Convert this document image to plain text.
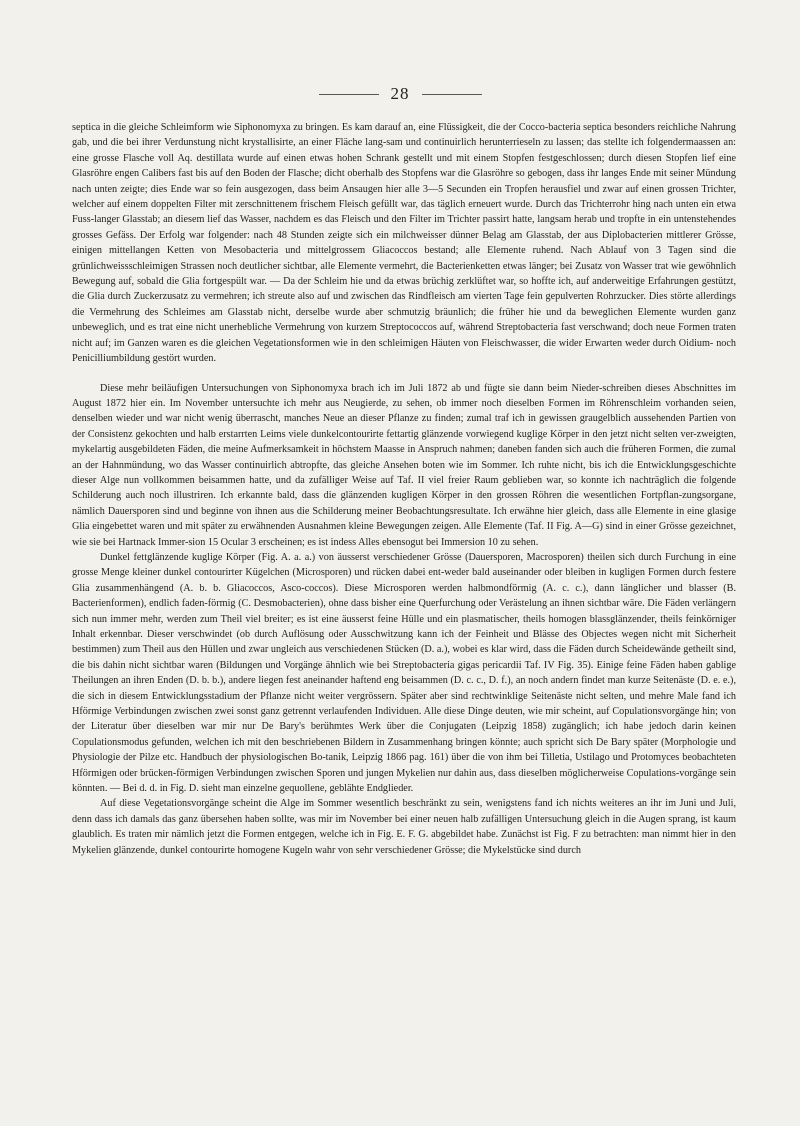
28

septica in die gleiche Schleimform wie Siphonomyxa zu bringen. Es kam darauf an, eine Flüssigkeit, die der Cocco-bacteria septica besonders reichliche Nahrung gab, und die bei ihrer Verdunstung nicht krystallisirte, an einer Fläche lang-sam und continuirlich herunterrieseln zu lassen; das stellte ich folgendermaassen an: eine grosse Flasche voll Aq. destillata wurde auf einen etwas hohen Schrank gestellt und mit einem Stopfen festgeschlossen; durch diesen Stopfen lief eine Glasröhre engen Calibers fast bis auf den Boden der Flasche; dicht oberhalb des Stopfens war die Glasröhre so gebogen, dass ihr langes Ende mit seiner Mündung nach unten zeigte; dies Ende war so fein ausgezogen, dass beim Ansaugen hier alle 3—5 Secunden ein Tropfen herausfiel und zwar auf einen grossen Trichter, welcher auf einem doppelten Filter mit zerschnittenem frischem Fleisch gefüllt war, das täglich erneuert wurde. Durch das Trichterrohr hing nach unten ein etwa Fuss-langer Glasstab; an diesem lief das Wasser, nachdem es das Fleisch und den Filter im Trichter passirt hatte, langsam herab und tropfte in ein untenstehendes grosses Gefäss. Der Erfolg war folgender: nach 48 Stunden zeigte sich ein milchweisser dünner Belag am Glasstab, der aus Diplobacterien mittlerer Grösse, einigen mittellangen Ketten von Mesobacteria und mittelgrossem Gliacoccos bestand; alle Elemente ruhend. Nach Ablauf von 3 Tagen sind die grünlichweissschleimigen Strassen noch deutlicher sichtbar, alle Elemente vermehrt, die Bacterienketten etwas länger; bei Zusatz von Wasser trat wie gewöhnlich Bewegung auf, sobald die Glia fortgespült war. — Da der Schleim hie und da etwas brüchig zerklüftet war, so hoffte ich, auf anderweitige Erfahrungen gestützt, die Glia durch Zuckerzusatz zu vermehren; ich streute also auf und zwischen das Rindfleisch am vierten Tage fein gepulverten Rohrzucker. Dies störte allerdings die Vermehrung des Schleimes am Glasstab nicht, derselbe wurde aber schmutzig bräunlich; die früher hie und da beweglichen Elemente wurden ganz unbeweglich, und es trat eine nicht unerhebliche Vermehrung von kurzem Streptococcos auf, während Streptobacteria fast verschwand; doch neue Formen traten nicht auf; im Ganzen waren es die gleichen Vegetationsformen wie in den schleimigen Häuten von Fleischwasser, die wider Erwarten weder durch Oidium- noch Penicilliumbildung gestört wurden.

Diese mehr beiläufigen Untersuchungen von Siphonomyxa brach ich im Juli 1872 ab und fügte sie dann beim Nieder-schreiben dieses Abschnittes im August 1872 hier ein. Im November untersuchte ich mehr aus Neugierde, zu sehen, ob immer noch dieselben Formen im Röhrenschleim vorhanden seien, denselben wieder und war nicht wenig überrascht, manches Neue an dieser Pflanze zu finden; zumal traf ich in gewissen graugelblich aussehenden Partien von der Consistenz gekochten und halb erstarrten Leims viele dunkelcontourirte fettartig glänzende vorwiegend kuglige Körper in den jetzt nicht selten ver-zweigten, mykelartig ausgebildeten Fäden, die meine Aufmerksamkeit in höchstem Maasse in Anspruch nahmen; daneben fanden sich auch die früheren Formen, die zumal an der Hahnmündung, wo das Wasser continuirlich abtropfte, das gleiche Ansehen boten wie im Sommer. Ich ruhte nicht, bis ich die Entwicklungsgeschichte dieser Alge nun vollkommen beisammen hatte, und da zufälliger Weise auf Taf. II viel freier Raum geblieben war, so konnte ich nachträglich die folgende Schilderung auch noch illustriren. Ich erkannte bald, dass die glänzenden kugligen Körper in den grossen Röhren die wesentlichen Fortpflan-zungsorgane, nämlich Dauersporen sind und beginne von ihnen aus die Schilderung meiner Beobachtungsresultate. Ich erwähne hier gleich, dass alle Elemente in eine glasige Glia eingebettet waren und mit später zu erwähnenden Ausnahmen kleine Bewegungen zeigen. Alle Elemente (Taf. II Fig. A—G) sind in einer Grösse gezeichnet, wie sie bei Hartnack Immer-sion 15 Ocular 3 erscheinen; es ist indess Alles ebensogut bei Immersion 10 zu sehen.

Dunkel fettglänzende kuglige Körper (Fig. A. a. a.) von äusserst verschiedener Grösse (Dauersporen, Macrosporen) theilen sich durch Furchung in eine grosse Menge kleiner dunkel contourirter Kügelchen (Microsporen) und rücken dabei ent-weder bald auseinander oder bleiben in kugligen Formen durch festere Glia zusammenhängend (A. b. b. Gliacoccos, Asco-coccos). Diese Microsporen werden halbmondförmig (A. c. c.), dann länglicher und blasser (B. Bacterienformen), endlich faden-förmig (C. Desmobacterien), ohne dass bisher eine Querfurchung oder Verästelung an ihnen sichtbar wäre. Die Fäden verlängern sich nun immer mehr, werden zum Theil viel breiter; es ist eine äusserst feine Hülle und ein plasmatischer, theils homogen blassglänzender, theils feinkörniger Inhalt erkennbar. Dieser verschwindet (ob durch Auflösung oder Ausschwitzung kann ich der Feinheit und Blässe des Objectes wegen nicht mit Sicherheit bestimmen) zum Theil aus den Hüllen und zwar ungleich aus verschiedenen Stücken (D. a.), wobei es klar wird, dass die Fäden durch Scheidewände getheilt sind, die bis dahin nicht sichtbar waren (Bildungen und Vorgänge ähnlich wie bei Streptobacteria gigas pericardii Taf. IV Fig. 35). Einige feine Fäden haben gablige Theilungen an ihren Enden (D. b. b.), andere liegen fest aneinander haftend eng beisammen (D. c. c., D. f.), an noch andern findet man kurze Seitenäste (D. e. e.), die sich in diesem Entwicklungsstadium der Pflanze nicht weiter vergrössern. Später aber sind rechtwinklige Seitenäste nicht selten, und mehre Male fand ich Hförmige Verbindungen zwischen zwei sonst ganz getrennt verlaufenden Individuen. Alle diese Dinge deuten, wie mir scheint, auf Copulationsvorgänge hin; von der Literatur über dieselben war mir nur De Bary's berühmtes Werk über die Conjugaten (Leipzig 1858) zugänglich; ich habe jedoch darin keinen Copulationsmodus gefunden, welchen ich mit den beschriebenen Bildern in Zusammenhang bringen könnte; auch spricht sich De Bary später (Morphologie und Physiologie der Pilze etc. Handbuch der physiologischen Bo-tanik, Leipzig 1866 pag. 161) über die von ihm bei Tilletia, Ustilago und Protomyces beobachteten Hförmigen oder brücken-förmigen Verbindungen zwischen Sporen und jungen Mykelien nur dahin aus, dass dieselben möglicherweise Copulations-vorgänge sein könnten. — Bei d. d. in Fig. D. sieht man einzelne gequollene, geblähte Endglieder.

Auf diese Vegetationsvorgänge scheint die Alge im Sommer wesentlich beschränkt zu sein, wenigstens fand ich nichts weiteres an ihr im Juni und Juli, denn dass ich damals das ganz übersehen haben sollte, was mir im November bei einer neuen halb zufälligen Untersuchung gleich in die Augen sprang, ist kaum glaublich. Es traten mir nämlich jetzt die Formen entgegen, welche ich in Fig. E. F. G. abgebildet habe. Zunächst ist Fig. F zu betrachten: man nimmt hier in den Mykelien glänzende, dunkel contourirte homogene Kugeln wahr von sehr verschiedener Grösse; die Mykelstücke sind durch
